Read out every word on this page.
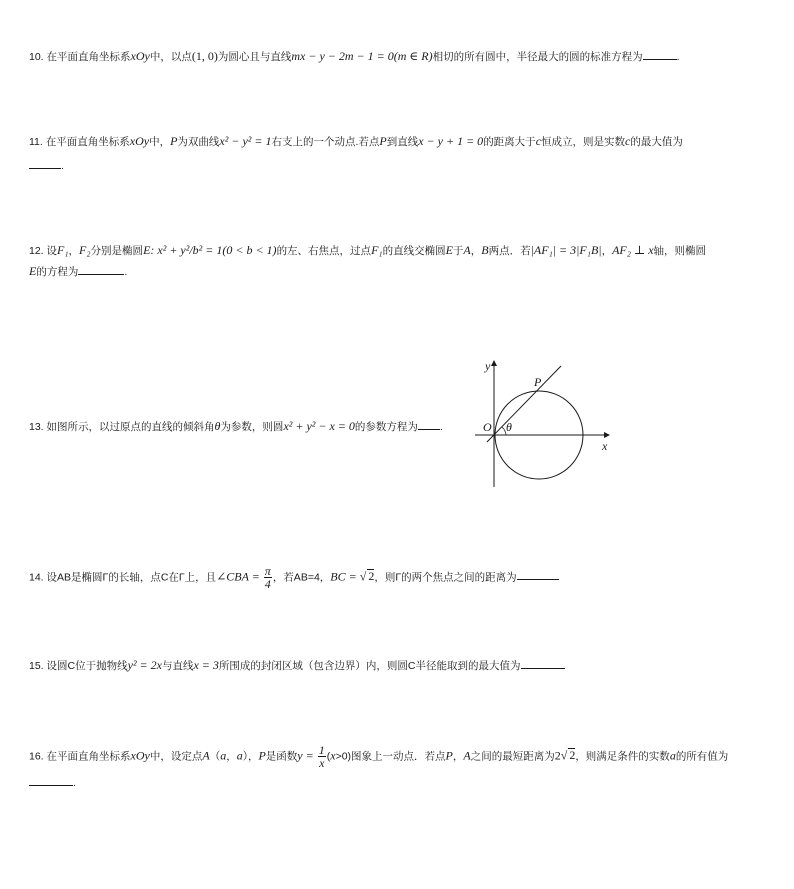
10. 在平面直角坐标系xOy中，以点(1, 0)为圆心且与直线mx − y − 2m − 1 = 0(m ∈ R)相切的所有圆中，半径最大的圆的标准方程为	.
11. 在平面直角坐标系xOy中，P为双曲线x² − y² = 1右支上的一个动点.若点P到直线x − y + 1 = 0的距离大于c恒成立，则是实数c的最大值为
.
12. 设F₁，F₂分别是椭圆E: x² + y²/b² = 1(0 < b < 1)的左、右焦点，过点F₁的直线交椭圆E于A，B两点．若|AF₁| = 3|F₁B|，AF₂ ⊥ x轴，则椭圆
E的方程为	.
13. 如图所示，以过原点的直线的倾斜角θ为参数，则圆x² + y² − x = 0的参数方程为 .
y
x
O
P
θ
14. 设AB是椭圆Γ的长轴，点C在Γ上，且∠CBA = $\frac{\pi}{4}$ ，若AB=4，BC = √ 2，则Γ的两个焦点之间的距离为
15. 设圆C位于抛物线y² = 2x与直线x = 3所围成的封闭区域（包含边界）内，则圆C半径能取到的最大值为
16. 在平面直角坐标系xOy中，设定点A（a，a），P是函数$y = \frac{1}{x} (x>0)$图象上一动点．若点P，A之间的最短距离为2√ 2，则满足条件的实数a的所有值为
.
